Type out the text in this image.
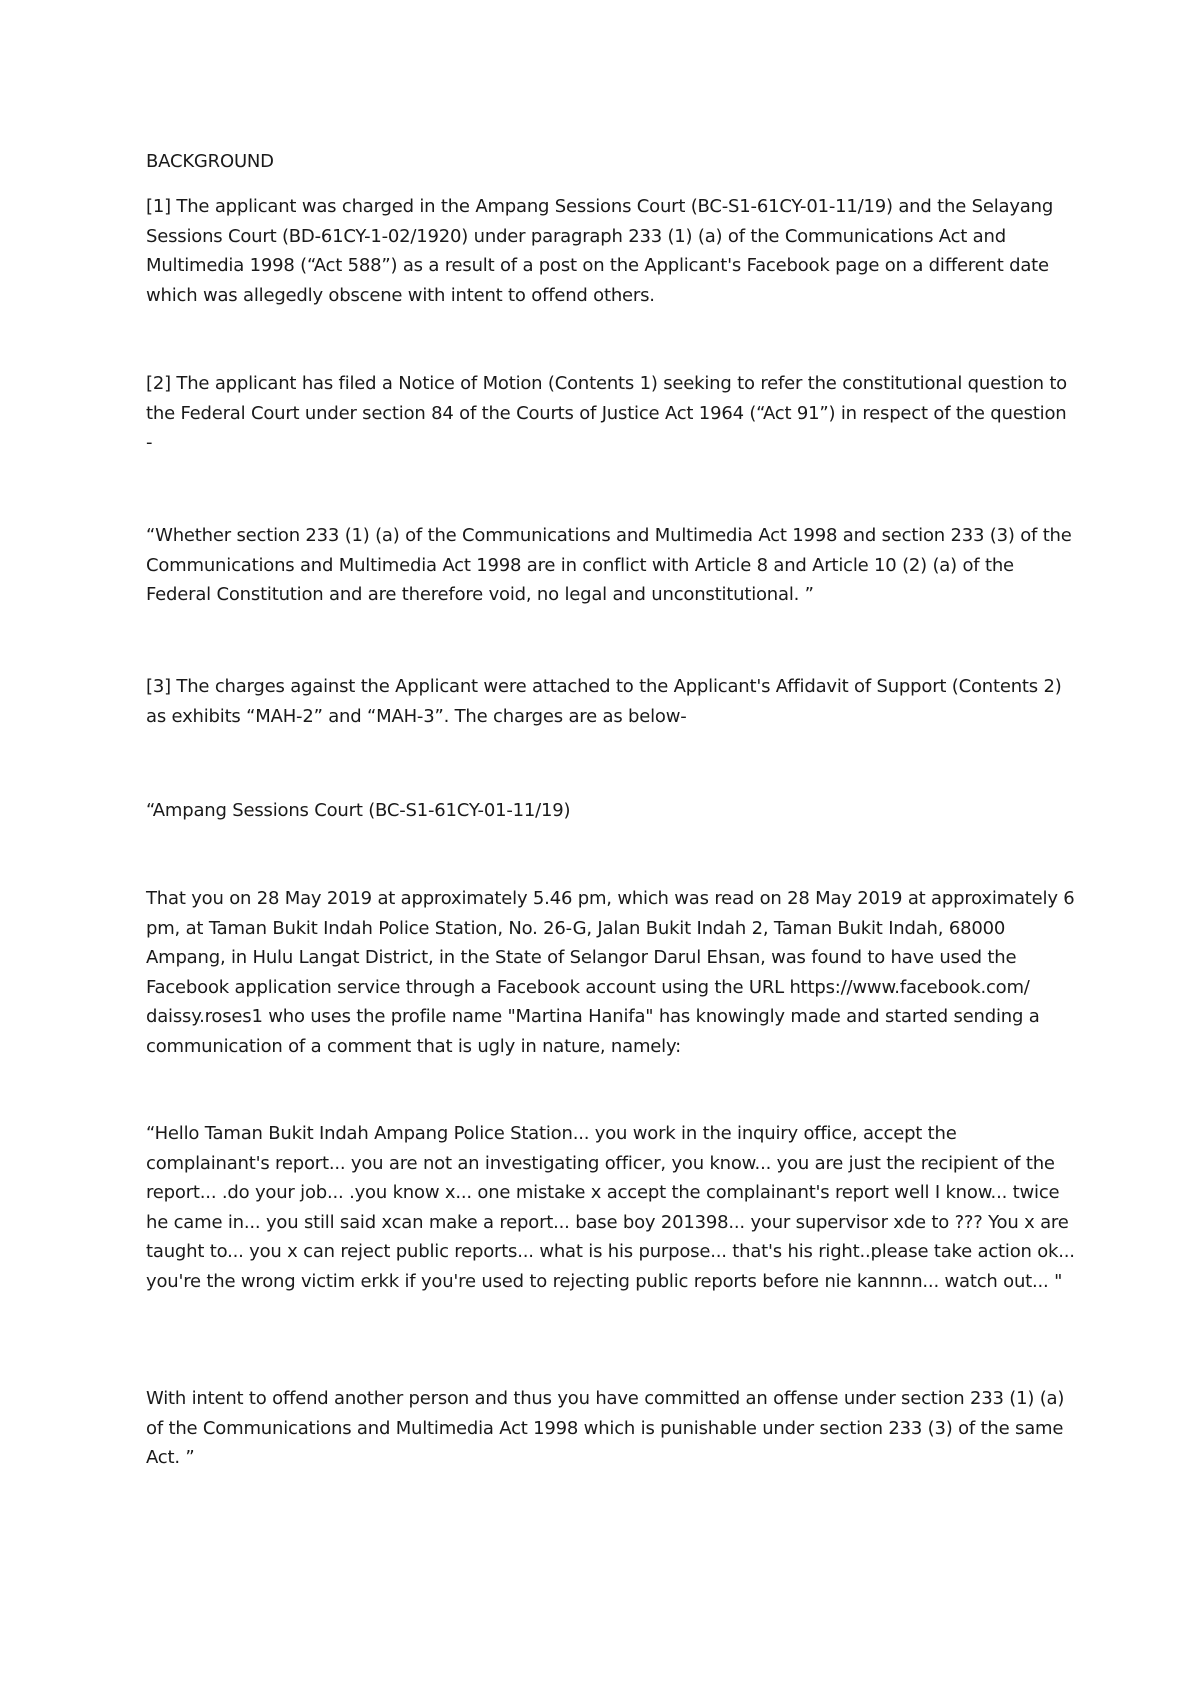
BACKGROUND

[1] The applicant was charged in the Ampang Sessions Court (BC-S1-61CY-01-11/19) and the Selayang Sessions Court (BD-61CY-1-02/1920) under paragraph 233 (1) (a) of the Communications Act and Multimedia 1998 (“Act 588”) as a result of a post on the Applicant's Facebook page on a different date which was allegedly obscene with intent to offend others.

[2] The applicant has filed a Notice of Motion (Contents 1) seeking to refer the constitutional question to the Federal Court under section 84 of the Courts of Justice Act 1964 (“Act 91”) in respect of the question -

“Whether section 233 (1) (a) of the Communications and Multimedia Act 1998 and section 233 (3) of the Communications and Multimedia Act 1998 are in conflict with Article 8 and Article 10 (2) (a) of the Federal Constitution and are therefore void, no legal and unconstitutional. ”

[3] The charges against the Applicant were attached to the Applicant's Affidavit of Support (Contents 2) as exhibits “MAH-2” and “MAH-3”. The charges are as below-

“Ampang Sessions Court (BC-S1-61CY-01-11/19)

That you on 28 May 2019 at approximately 5.46 pm, which was read on 28 May 2019 at approximately 6 pm, at Taman Bukit Indah Police Station, No. 26-G, Jalan Bukit Indah 2, Taman Bukit Indah, 68000 Ampang, in Hulu Langat District, in the State of Selangor Darul Ehsan, was found to have used the Facebook application service through a Facebook account using the URL https://www.facebook.com/ daissy.roses1 who uses the profile name "Martina Hanifa" has knowingly made and started sending a communication of a comment that is ugly in nature, namely:

“Hello Taman Bukit Indah Ampang Police Station... you work in the inquiry office, accept the complainant's report... you are not an investigating officer, you know... you are just the recipient of the report... .do your job... .you know x... one mistake x accept the complainant's report well I know... twice he came in... you still said xcan make a report... base boy 201398... your supervisor xde to ??? You x are taught to... you x can reject public reports... what is his purpose... that's his right..please take action ok... you're the wrong victim erkk if you're used to rejecting public reports before nie kannnn... watch out... "

With intent to offend another person and thus you have committed an offense under section 233 (1) (a) of the Communications and Multimedia Act 1998 which is punishable under section 233 (3) of the same Act. ”
